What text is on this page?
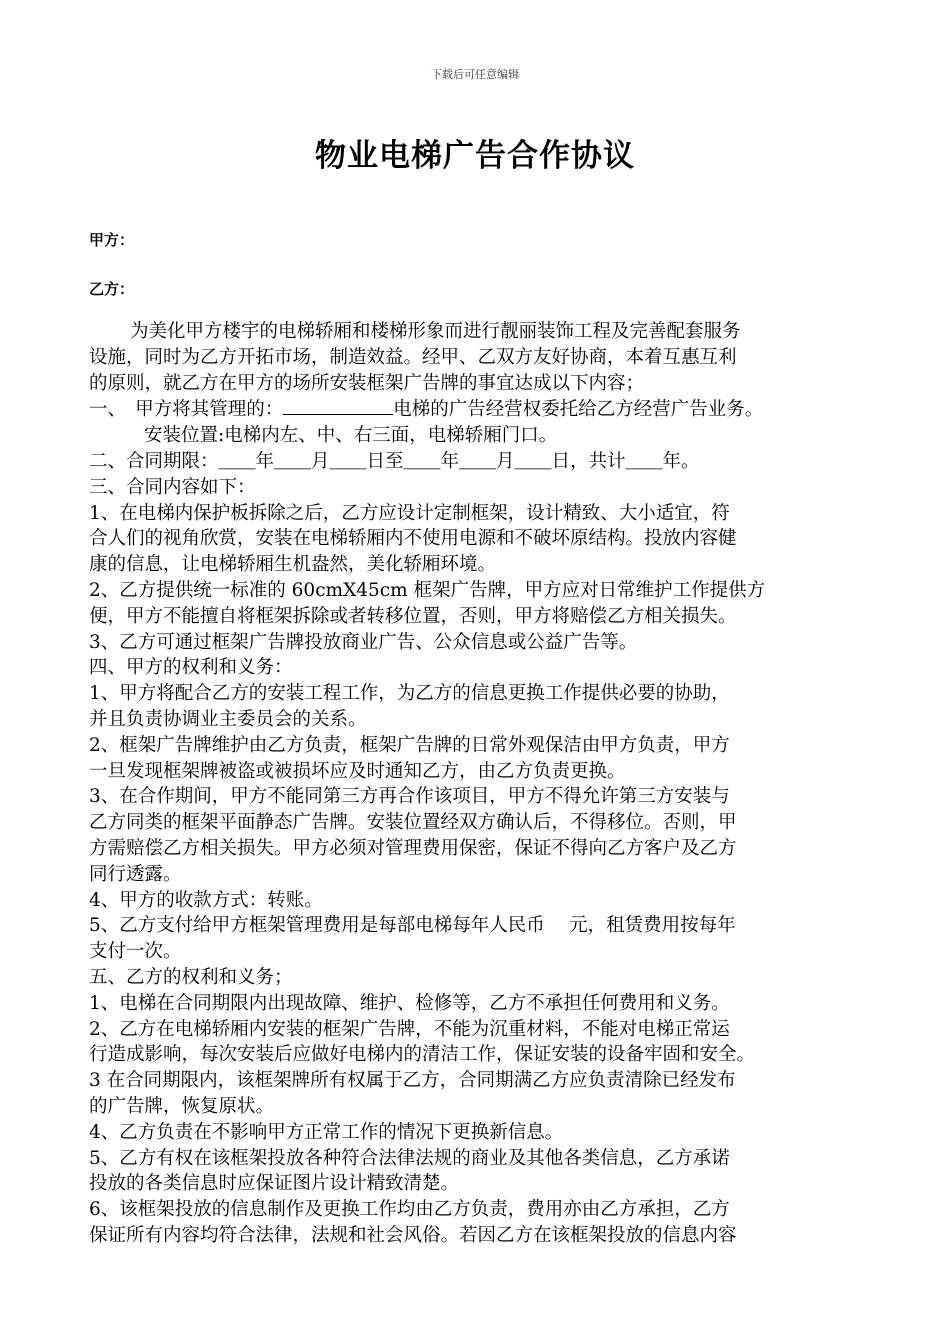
下载后可任意编辑
物业电梯广告合作协议
甲方：
乙方：

为美化甲方楼宇的电梯轿厢和楼梯形象而进行靓丽装饰工程及完善配套服务

设施，同时为乙方开拓市场，制造效益。经甲、乙双方友好协商，本着互惠互利

的原则，就乙方在甲方的场所安装框架广告牌的事宜达成以下内容；

一、　甲方将其管理的：	电梯的广告经营权委托给乙方经营广告业务。

安装位置:电梯内左、中、右三面，电梯轿厢门口。

二、合同期限：＿＿年＿＿月＿＿日至＿＿年＿＿月＿＿日，共计＿＿年。

三、合同内容如下：

1、在电梯内保护板拆除之后，乙方应设计定制框架，设计精致、大小适宜，符

合人们的视角欣赏，安装在电梯轿厢内不使用电源和不破坏原结构。投放内容健

康的信息，让电梯轿厢生机盎然，美化轿厢环境。

2、乙方提供统一标准的 60cmX45cm 框架广告牌，甲方应对日常维护工作提供方

便，甲方不能擅自将框架拆除或者转移位置，否则，甲方将赔偿乙方相关损失。

3、乙方可通过框架广告牌投放商业广告、公众信息或公益广告等。

四、甲方的权利和义务：

1、甲方将配合乙方的安装工程工作，为乙方的信息更换工作提供必要的协助，

并且负责协调业主委员会的关系。

2、框架广告牌维护由乙方负责，框架广告牌的日常外观保洁由甲方负责，甲方

一旦发现框架牌被盗或被损坏应及时通知乙方，由乙方负责更换。

3、在合作期间，甲方不能同第三方再合作该项目，甲方不得允许第三方安装与

乙方同类的框架平面静态广告牌。安装位置经双方确认后，不得移位。否则，甲

方需赔偿乙方相关损失。甲方必须对管理费用保密，保证不得向乙方客户及乙方

同行透露。

4、甲方的收款方式：转账。

5、乙方支付给甲方框架管理费用是每部电梯每年人民币　 元，租赁费用按每年

支付一次。

五、乙方的权利和义务；

1、电梯在合同期限内出现故障、维护、检修等，乙方不承担任何费用和义务。

2、乙方在电梯轿厢内安装的框架广告牌，不能为沉重材料，不能对电梯正常运

行造成影响，每次安装后应做好电梯内的清洁工作，保证安装的设备牢固和安全。

3 在合同期限内，该框架牌所有权属于乙方，合同期满乙方应负责清除已经发布

的广告牌，恢复原状。

4、乙方负责在不影响甲方正常工作的情况下更换新信息。

5、乙方有权在该框架投放各种符合法律法规的商业及其他各类信息，乙方承诺

投放的各类信息时应保证图片设计精致清楚。

6、该框架投放的信息制作及更换工作均由乙方负责，费用亦由乙方承担，乙方

保证所有内容均符合法律，法规和社会风俗。若因乙方在该框架投放的信息内容
